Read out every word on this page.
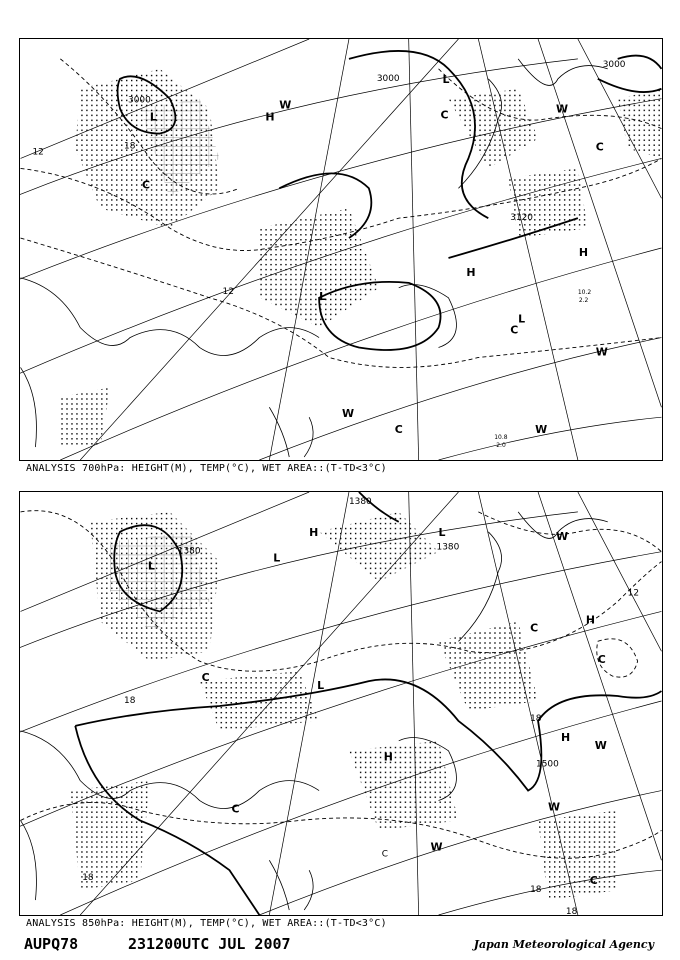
3000
3000
3000
3120
12
18
12	10.2
2.2
10.8
2.0
L
L
L
L
H
H
H
C
C
C
C
C
W	W
W
W
W
ANALYSIS 700hPa: HEIGHT(M), TEMP(°C), WET AREA::(T-TD<3°C)
1380
1380	1380
1500
12
18
18
18
18
18
C
L
L
L
L
H
H
H
H
C
C
C
C
C
W
W
W
W
ANALYSIS 850hPa: HEIGHT(M), TEMP(°C), WET AREA::(T-TD<3°C)
AUPQ78	231200UTC JUL 2007	Japan Meteorological Agency
